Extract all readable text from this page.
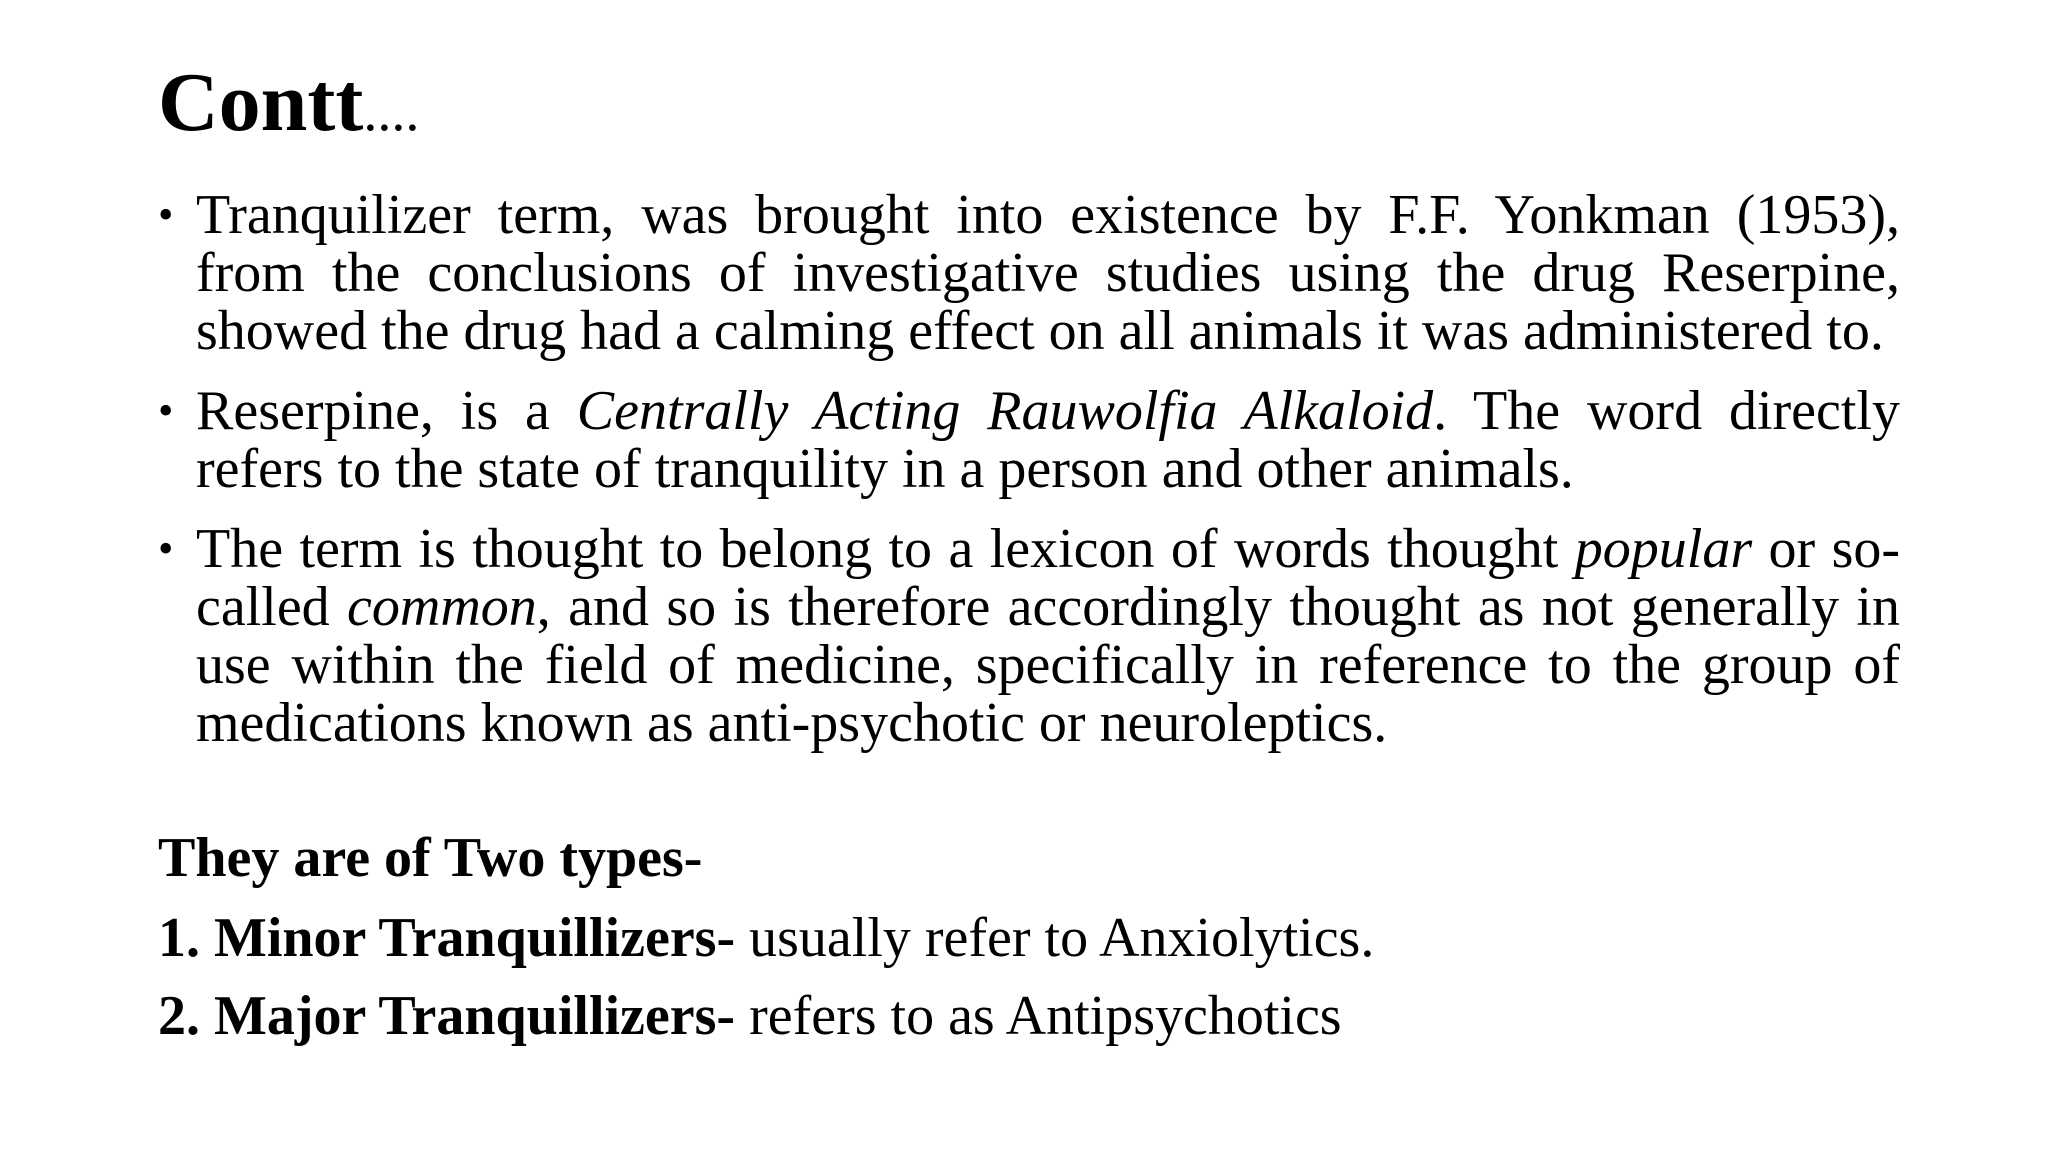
Contt....
• Tranquilizer term, was brought into existence by F.F. Yonkman (1953), from the conclusions of investigative studies using the drug Reserpine, showed the drug had a calming effect on all animals it was administered to.
• Reserpine, is a Centrally Acting Rauwolfia Alkaloid. The word directly refers to the state of tranquility in a person and other animals.
• The term is thought to belong to a lexicon of words thought popular or so-called common, and so is therefore accordingly thought as not generally in use within the field of medicine, specifically in reference to the group of medications known as anti-psychotic or neuroleptics.
They are of Two types-
1. Minor Tranquillizers- usually refer to Anxiolytics.
2. Major Tranquillizers- refers to as Antipsychotics
